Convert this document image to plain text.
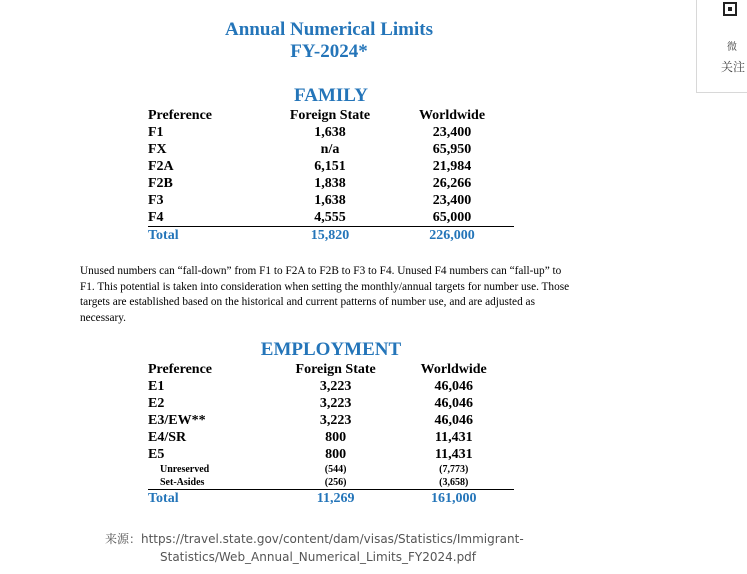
Annual Numerical Limits
FY-2024*
FAMILY
Preference	Foreign State	Worldwide
F1	1,638	23,400
FX	n/a	65,950
F2A	6,151	21,984
F2B	1,838	26,266
F3	1,638	23,400
F4	4,555	65,000
Total	15,820	226,000
Unused numbers can “fall-down” from F1 to F2A to F2B to F3 to F4. Unused F4 numbers can “fall-up” to F1. This potential is taken into consideration when setting the monthly/annual targets for number use. Those targets are established based on the historical and current patterns of number use, and are adjusted as necessary.
EMPLOYMENT
Preference	Foreign State	Worldwide
E1	3,223	46,046
E2	3,223	46,046
E3/EW**	3,223	46,046
E4/SR	800	11,431
E5	800	11,431
Unreserved	(544)	(7,773)
Set-Asides	(256)	(3,658)
Total	11,269	161,000
来源：https://travel.state.gov/content/dam/visas/Statistics/Immigrant-
Statistics/Web_Annual_Numerical_Limits_FY2024.pdf
微
关注
